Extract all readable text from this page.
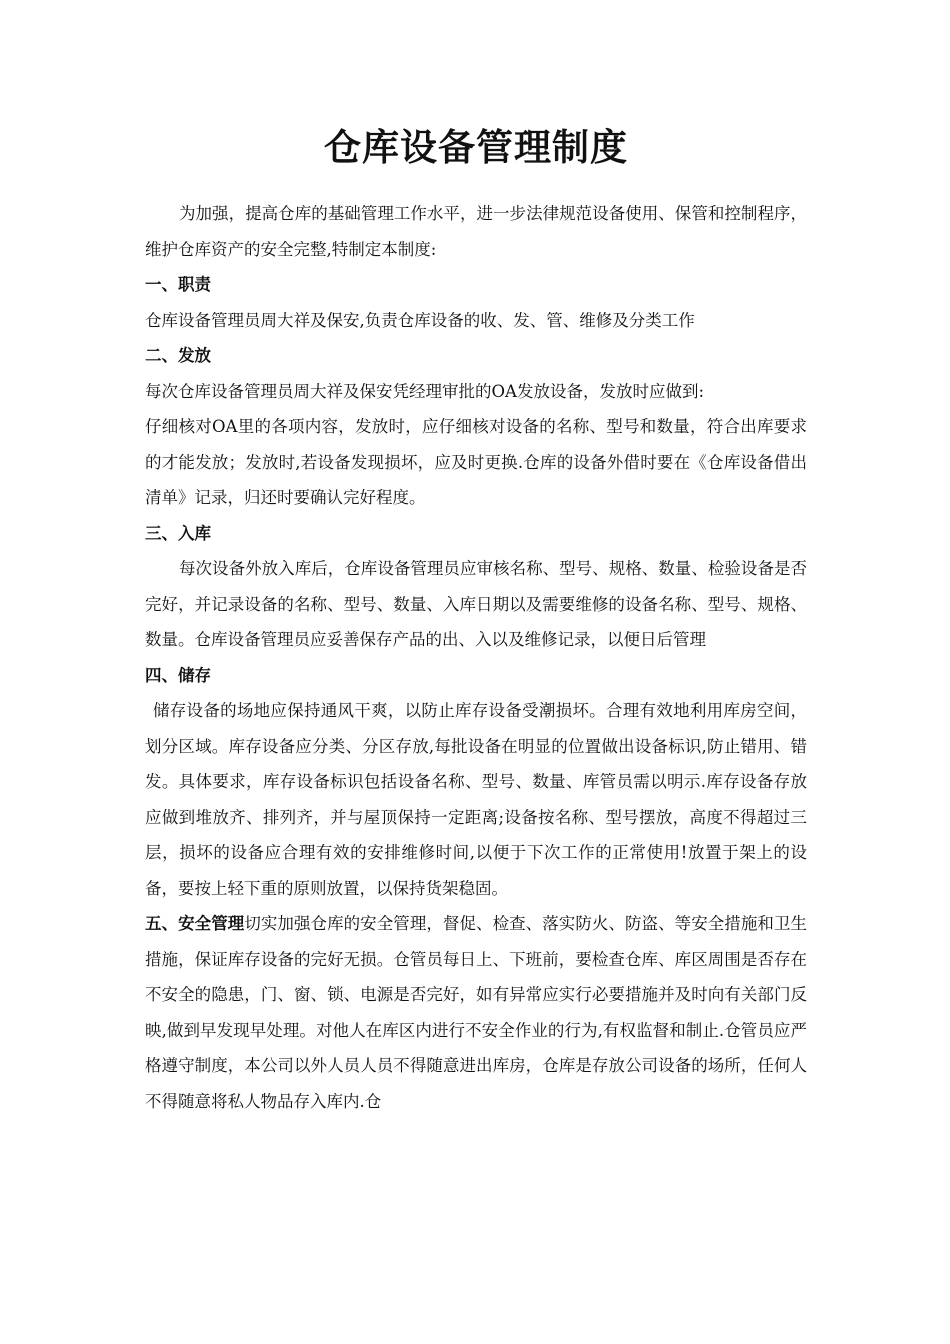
仓库设备管理制度

为加强，提高仓库的基础管理工作水平，进一步法律规范设备使用、保管和控制程序，维护仓库资产的安全完整,特制定本制度:

一、职责

仓库设备管理员周大祥及保安,负责仓库设备的收、发、管、维修及分类工作

二、发放

每次仓库设备管理员周大祥及保安凭经理审批的OA发放设备，发放时应做到:

仔细核对OA里的各项内容，发放时，应仔细核对设备的名称、型号和数量，符合出库要求的才能发放；发放时,若设备发现损坏，应及时更换.仓库的设备外借时要在《仓库设备借出清单》记录，归还时要确认完好程度。

三、入库

每次设备外放入库后，仓库设备管理员应审核名称、型号、规格、数量、检验设备是否完好，并记录设备的名称、型号、数量、入库日期以及需要维修的设备名称、型号、规格、数量。仓库设备管理员应妥善保存产品的出、入以及维修记录，以便日后管理

四、储存

储存设备的场地应保持通风干爽，以防止库存设备受潮损坏。合理有效地利用库房空间，划分区域。库存设备应分类、分区存放,每批设备在明显的位置做出设备标识,防止错用、错发。具体要求，库存设备标识包括设备名称、型号、数量、库管员需以明示.库存设备存放应做到堆放齐、排列齐，并与屋顶保持一定距离;设备按名称、型号摆放，高度不得超过三层，损坏的设备应合理有效的安排维修时间,以便于下次工作的正常使用!放置于架上的设备，要按上轻下重的原则放置，以保持货架稳固。

五、安全管理切实加强仓库的安全管理，督促、检查、落实防火、防盗、等安全措施和卫生措施，保证库存设备的完好无损。仓管员每日上、下班前，要检查仓库、库区周围是否存在不安全的隐患，门、窗、锁、电源是否完好，如有异常应实行必要措施并及时向有关部门反映,做到早发现早处理。对他人在库区内进行不安全作业的行为,有权监督和制止.仓管员应严格遵守制度，本公司以外人员人员不得随意进出库房，仓库是存放公司设备的场所，任何人不得随意将私人物品存入库内.仓
